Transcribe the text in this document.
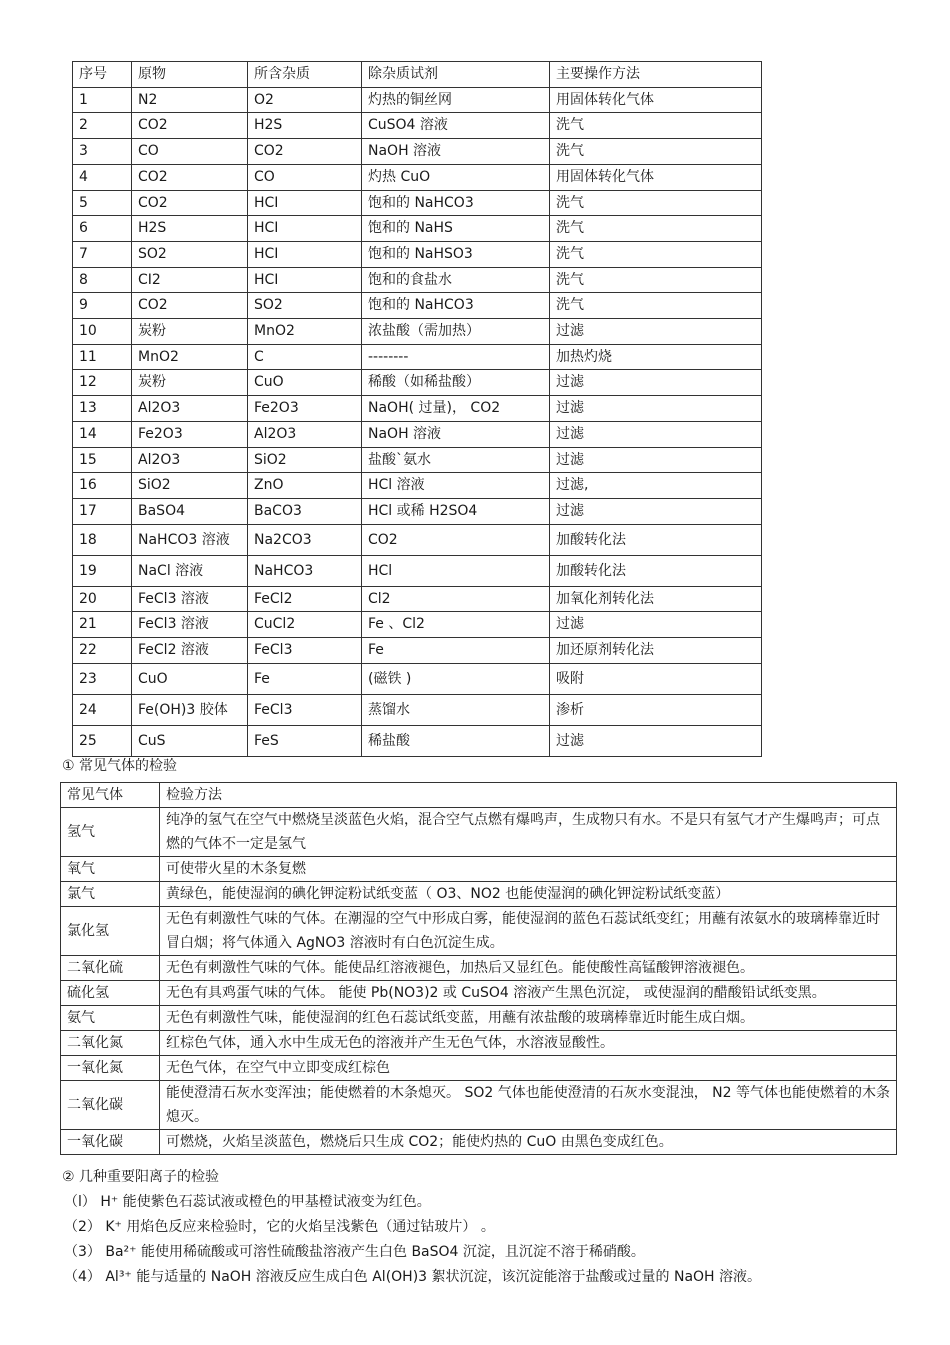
序号	原物	所含杂质	除杂质试剂	主要操作方法
1	N2	O2	灼热的铜丝网	用固体转化气体
2	CO2	H2S	CuSO4 溶液	洗气
3	CO	CO2	NaOH 溶液	洗气
4	CO2	CO	灼热 CuO	用固体转化气体
5	CO2	HCI	饱和的 NaHCO3	洗气
6	H2S	HCI	饱和的 NaHS	洗气
7	SO2	HCI	饱和的 NaHSO3	洗气
8	CI2	HCI	饱和的食盐水	洗气
9	CO2	SO2	饱和的 NaHCO3	洗气
10	炭粉	MnO2	浓盐酸（需加热）	过滤
11	MnO2	C	--------	加热灼烧
12	炭粉	CuO	稀酸（如稀盐酸）	过滤
13	Al2O3	Fe2O3	NaOH( 过量)， CO2	过滤
14	Fe2O3	Al2O3	NaOH 溶液	过滤
15	Al2O3	SiO2	盐酸`氨水	过滤
16	SiO2	ZnO	HCl 溶液	过滤,
17	BaSO4	BaCO3	HCl 或稀 H2SO4	过滤
18	NaHCO3 溶液	Na2CO3	CO2	加酸转化法
19	NaCl 溶液	NaHCO3	HCl	加酸转化法
20	FeCl3 溶液	FeCl2	Cl2	加氧化剂转化法
21	FeCl3 溶液	CuCl2	Fe 、Cl2	过滤
22	FeCl2 溶液	FeCl3	Fe	加还原剂转化法
23	CuO	Fe	(磁铁 )	吸附
24	Fe(OH)3 胶体	FeCl3	蒸馏水	渗析
25	CuS	FeS	稀盐酸	过滤
① 常见气体的检验
常见气体	检验方法
氢气	纯净的氢气在空气中燃烧呈淡蓝色火焰，混合空气点燃有爆鸣声，生成物只有水。不是只有氢气才产生爆鸣声；可点燃的气体不一定是氢气
氧气	可使带火星的木条复燃
氯气	黄绿色，能使湿润的碘化钾淀粉试纸变蓝（ O3、NO2 也能使湿润的碘化钾淀粉试纸变蓝）
氯化氢	无色有刺激性气味的气体。在潮湿的空气中形成白雾，能使湿润的蓝色石蕊试纸变红；用蘸有浓氨水的玻璃棒靠近时冒白烟；将气体通入 AgNO3 溶液时有白色沉淀生成。
二氧化硫	无色有刺激性气味的气体。能使品红溶液褪色，加热后又显红色。能使酸性高锰酸钾溶液褪色。
硫化氢	无色有具鸡蛋气味的气体。 能使 Pb(NO3)2 或 CuSO4 溶液产生黑色沉淀， 或使湿润的醋酸铅试纸变黑。
氨气	无色有刺激性气味，能使湿润的红色石蕊试纸变蓝，用蘸有浓盐酸的玻璃棒靠近时能生成白烟。
二氧化氮	红棕色气体，通入水中生成无色的溶液并产生无色气体，水溶液显酸性。
一氧化氮	无色气体，在空气中立即变成红棕色
二氧化碳	能使澄清石灰水变浑浊；能使燃着的木条熄灭。 SO2 气体也能使澄清的石灰水变混浊， N2 等气体也能使燃着的木条熄灭。
一氧化碳	可燃烧，火焰呈淡蓝色，燃烧后只生成 CO2；能使灼热的 CuO 由黑色变成红色。
② 几种重要阳离子的检验
（l） H⁺ 能使紫色石蕊试液或橙色的甲基橙试液变为红色。
（2） K⁺ 用焰色反应来检验时，它的火焰呈浅紫色（通过钴玻片） 。
（3） Ba²⁺ 能使用稀硫酸或可溶性硫酸盐溶液产生白色 BaSO4 沉淀，且沉淀不溶于稀硝酸。
（4） Al³⁺ 能与适量的 NaOH 溶液反应生成白色 Al(OH)3 絮状沉淀，该沉淀能溶于盐酸或过量的 NaOH 溶液。
